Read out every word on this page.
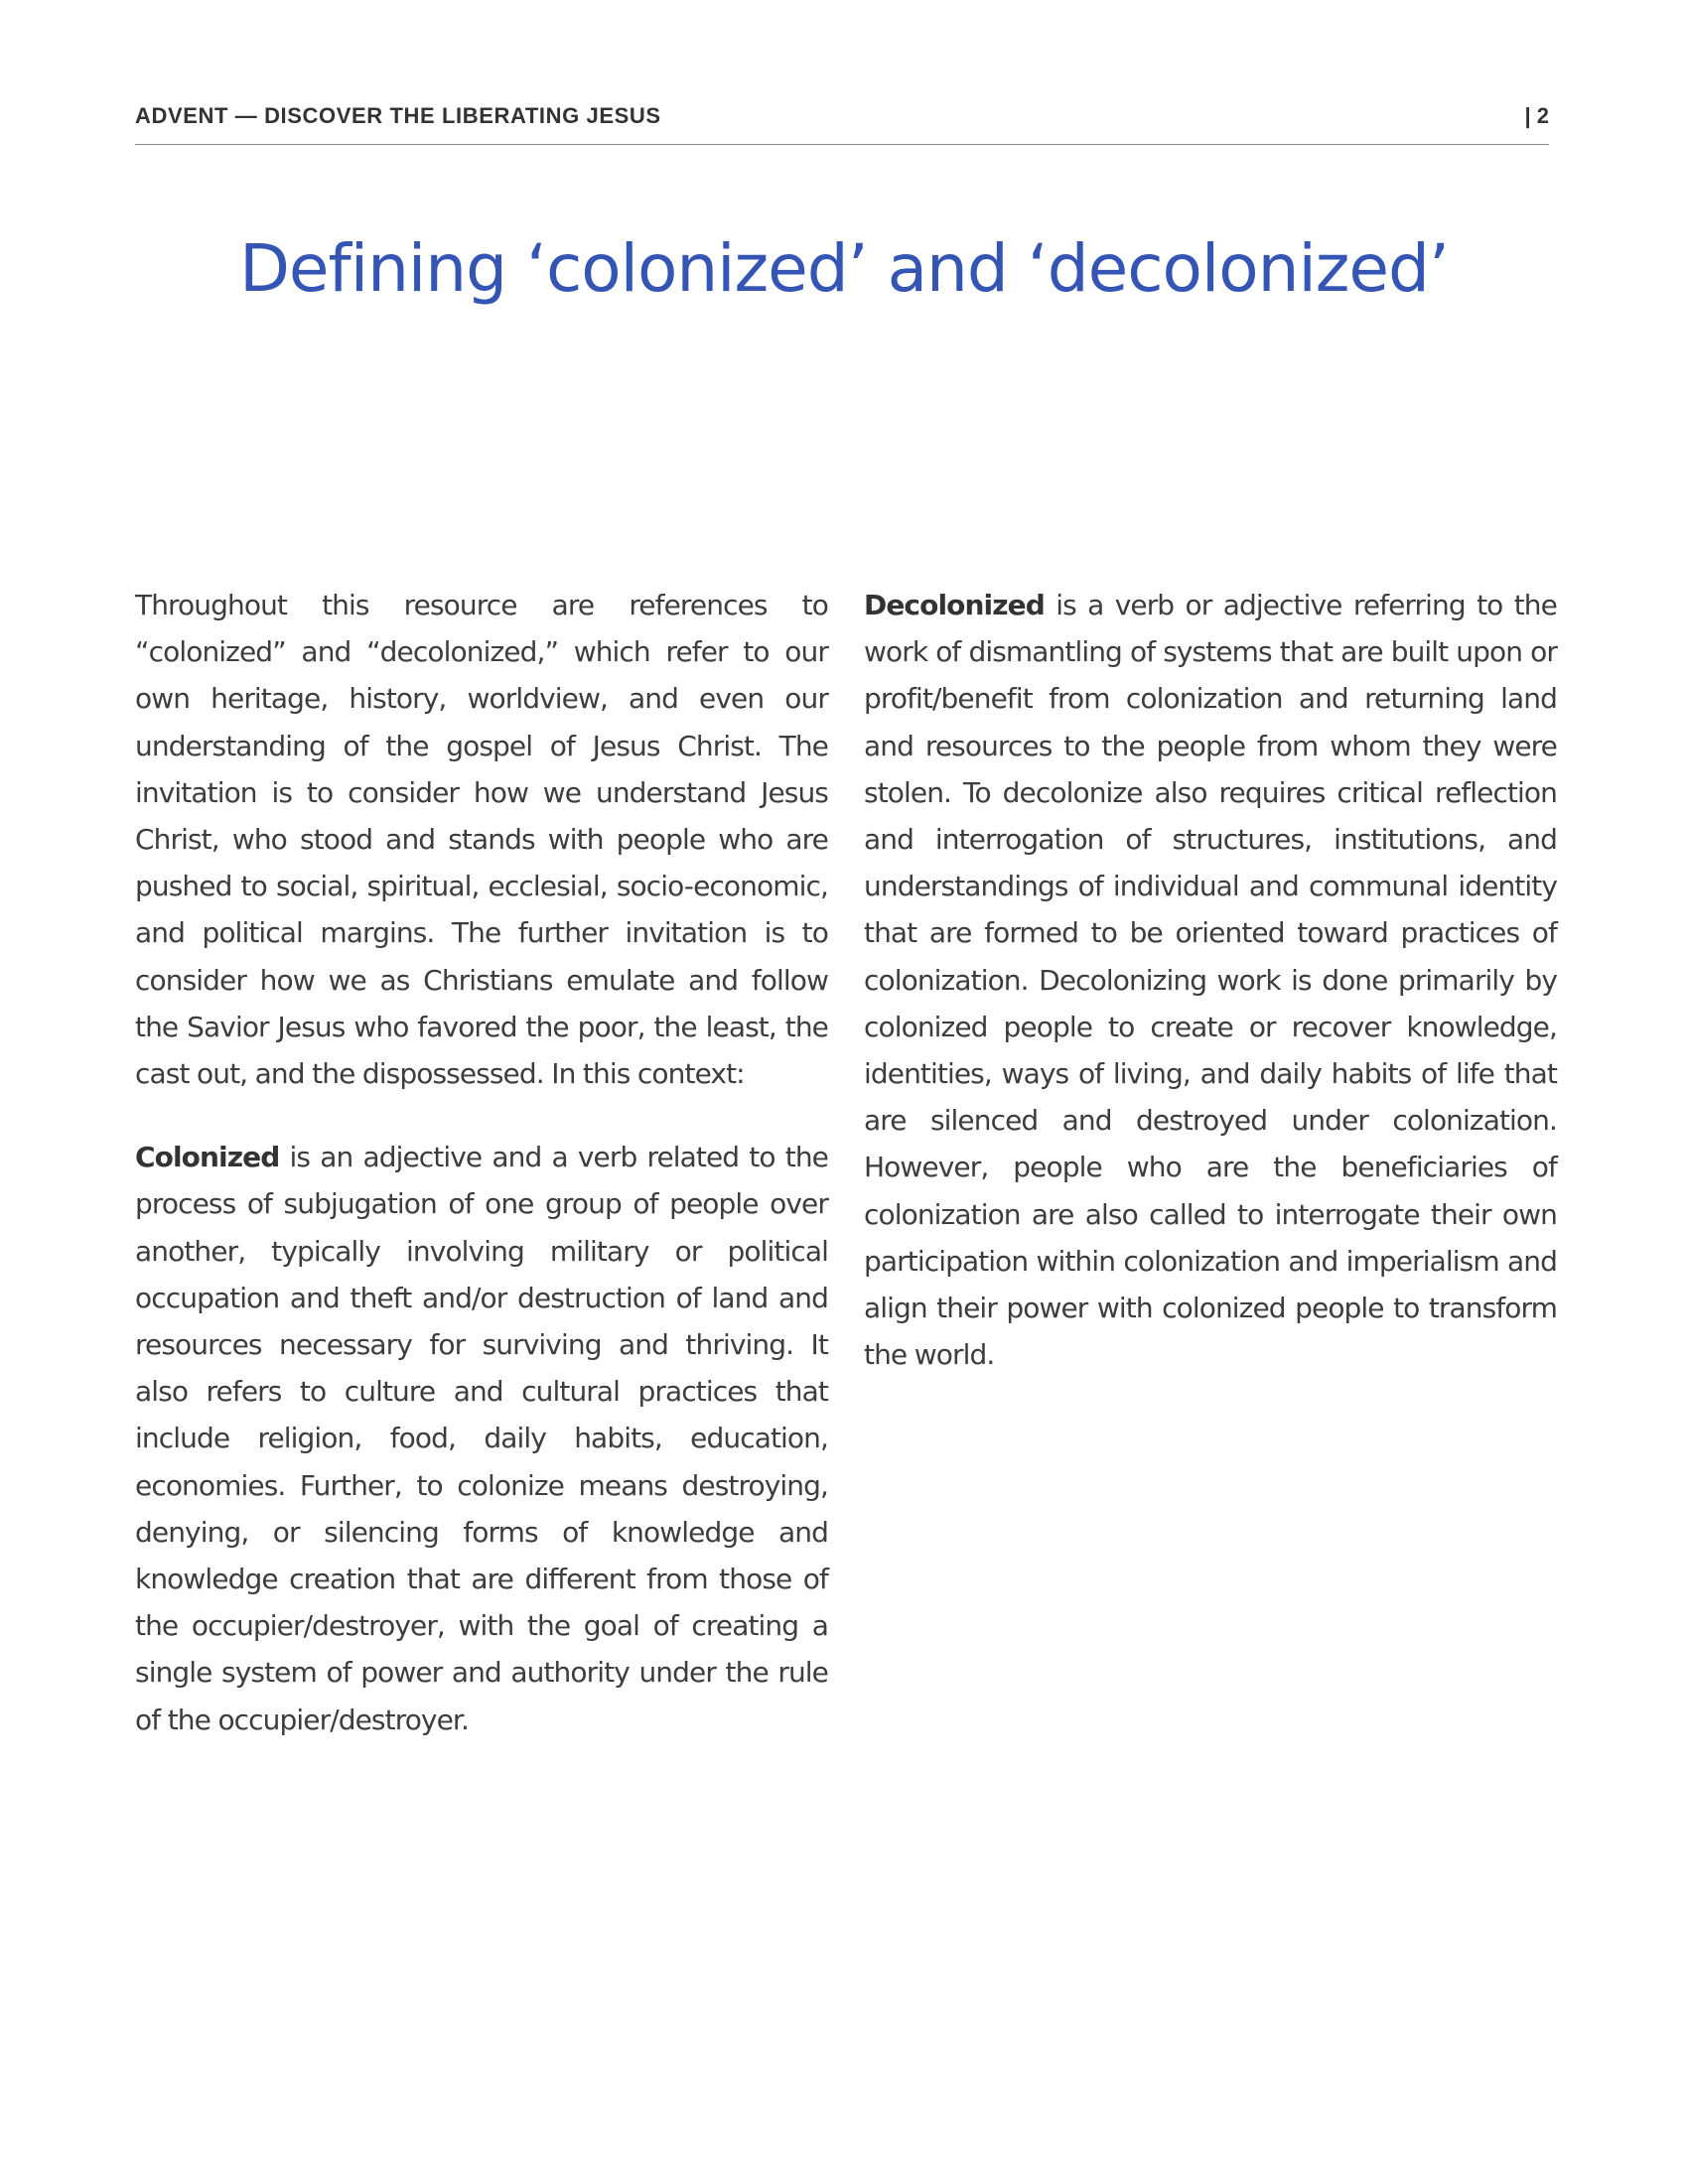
ADVENT — DISCOVER THE LIBERATING JESUS	| 2
Defining ‘colonized’ and ‘decolonized’

Throughout this resource are references to “colonized” and “decolonized,” which refer to our own heritage, history, worldview, and even our understanding of the gospel of Jesus Christ. The invitation is to consider how we understand Jesus Christ, who stood and stands with people who are pushed to social, spiritual, ecclesial, socio-economic, and political margins. The further invitation is to consider how we as Christians emulate and follow the Savior Jesus who favored the poor, the least, the cast out, and the dispossessed. In this context:

Colonized is an adjective and a verb related to the process of subjugation of one group of people over another, typically involving military or political occupation and theft and/or destruction of land and resources necessary for surviving and thriving. It also refers to culture and cultural practices that include religion, food, daily habits, education, economies. Further, to colonize means destroying, denying, or silencing forms of knowledge and knowledge creation that are different from those of the occupier/destroyer, with the goal of creating a single system of power and authority under the rule of the occupier/destroyer.

Decolonized is a verb or adjective referring to the work of dismantling of systems that are built upon or profit/benefit from colonization and returning land and resources to the people from whom they were stolen. To decolonize also requires critical reflection and interrogation of structures, institutions, and understandings of individual and communal identity that are formed to be oriented toward practices of colonization. Decolonizing work is done primarily by colonized people to create or recover knowledge, identities, ways of living, and daily habits of life that are silenced and destroyed under colonization. However, people who are the beneficiaries of colonization are also called to interrogate their own participation within colonization and imperialism and align their power with colonized people to transform the world.
